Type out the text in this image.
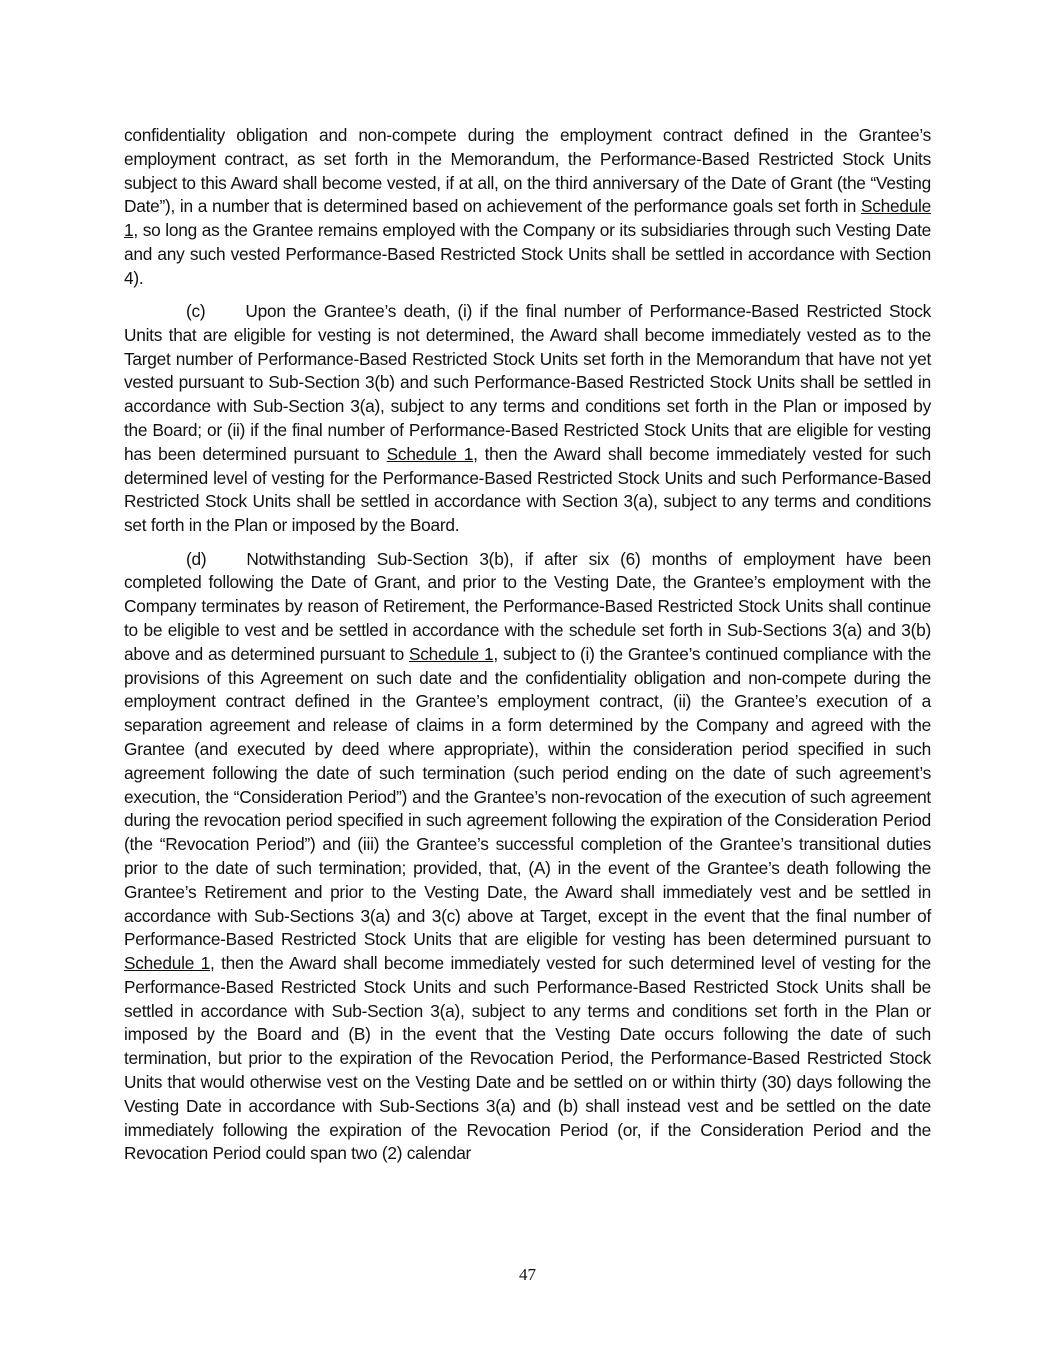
confidentiality obligation and non-compete during the employment contract defined in the Grantee’s employment contract, as set forth in the Memorandum, the Performance-Based Restricted Stock Units subject to this Award shall become vested, if at all, on the third anniversary of the Date of Grant (the “Vesting Date”), in a number that is determined based on achievement of the performance goals set forth in Schedule 1, so long as the Grantee remains employed with the Company or its subsidiaries through such Vesting Date and any such vested Performance-Based Restricted Stock Units shall be settled in accordance with Section 4).

(c) Upon the Grantee’s death, (i) if the final number of Performance-Based Restricted Stock Units that are eligible for vesting is not determined, the Award shall become immediately vested as to the Target number of Performance-Based Restricted Stock Units set forth in the Memorandum that have not yet vested pursuant to Sub-Section 3(b) and such Performance-Based Restricted Stock Units shall be settled in accordance with Sub-Section 3(a), subject to any terms and conditions set forth in the Plan or imposed by the Board; or (ii) if the final number of Performance-Based Restricted Stock Units that are eligible for vesting has been determined pursuant to Schedule 1, then the Award shall become immediately vested for such determined level of vesting for the Performance-Based Restricted Stock Units and such Performance-Based Restricted Stock Units shall be settled in accordance with Section 3(a), subject to any terms and conditions set forth in the Plan or imposed by the Board.

(d) Notwithstanding Sub-Section 3(b), if after six (6) months of employment have been completed following the Date of Grant, and prior to the Vesting Date, the Grantee’s employment with the Company terminates by reason of Retirement, the Performance-Based Restricted Stock Units shall continue to be eligible to vest and be settled in accordance with the schedule set forth in Sub-Sections 3(a) and 3(b) above and as determined pursuant to Schedule 1, subject to (i) the Grantee’s continued compliance with the provisions of this Agreement on such date and the confidentiality obligation and non-compete during the employment contract defined in the Grantee’s employment contract, (ii) the Grantee’s execution of a separation agreement and release of claims in a form determined by the Company and agreed with the Grantee (and executed by deed where appropriate), within the consideration period specified in such agreement following the date of such termination (such period ending on the date of such agreement’s execution, the “Consideration Period”) and the Grantee’s non-revocation of the execution of such agreement during the revocation period specified in such agreement following the expiration of the Consideration Period (the “Revocation Period”) and (iii) the Grantee’s successful completion of the Grantee’s transitional duties prior to the date of such termination; provided, that, (A) in the event of the Grantee’s death following the Grantee’s Retirement and prior to the Vesting Date, the Award shall immediately vest and be settled in accordance with Sub-Sections 3(a) and 3(c) above at Target, except in the event that the final number of Performance-Based Restricted Stock Units that are eligible for vesting has been determined pursuant to Schedule 1, then the Award shall become immediately vested for such determined level of vesting for the Performance-Based Restricted Stock Units and such Performance-Based Restricted Stock Units shall be settled in accordance with Sub-Section 3(a), subject to any terms and conditions set forth in the Plan or imposed by the Board and (B) in the event that the Vesting Date occurs following the date of such termination, but prior to the expiration of the Revocation Period, the Performance-Based Restricted Stock Units that would otherwise vest on the Vesting Date and be settled on or within thirty (30) days following the Vesting Date in accordance with Sub-Sections 3(a) and (b) shall instead vest and be settled on the date immediately following the expiration of the Revocation Period (or, if the Consideration Period and the Revocation Period could span two (2) calendar

47
